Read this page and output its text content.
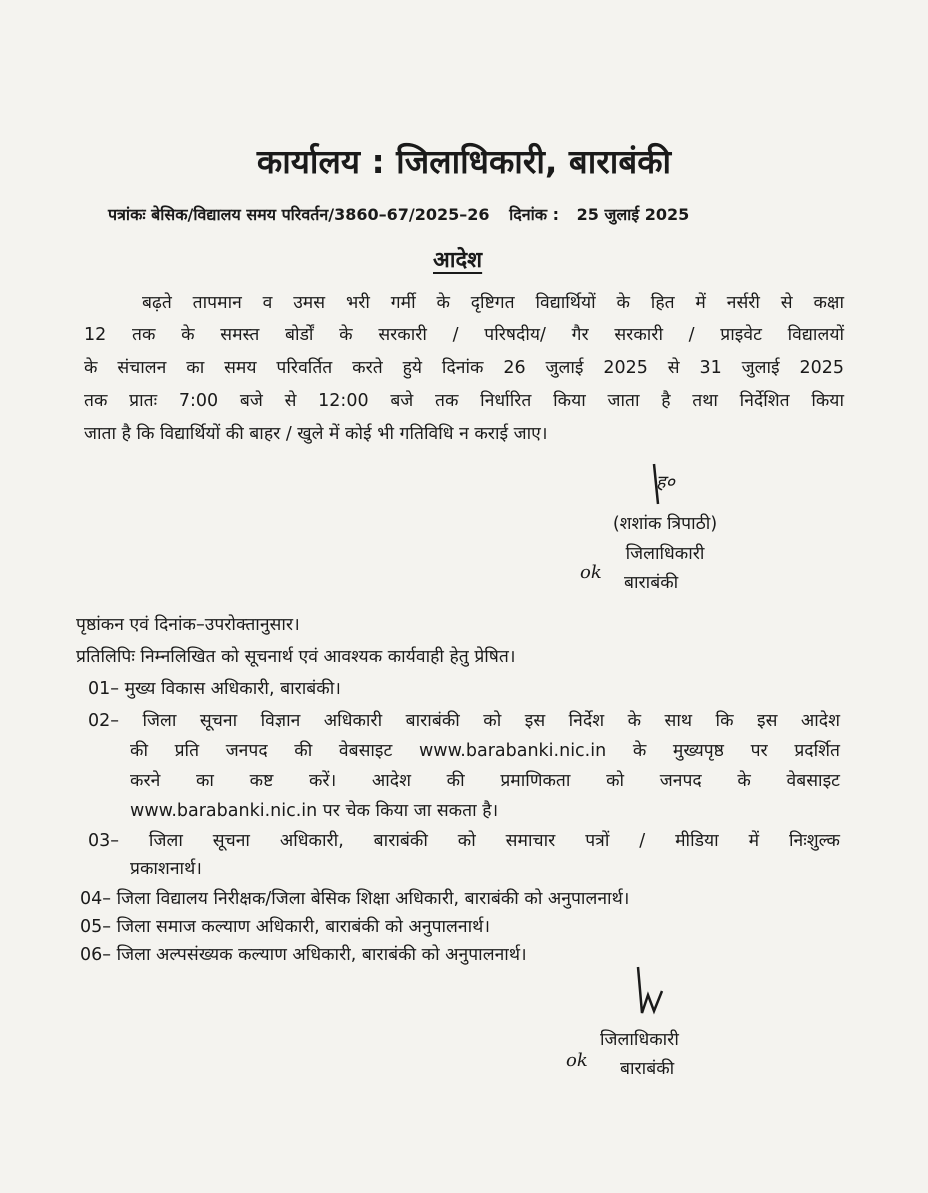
कार्यालय : जिलाधिकारी, बाराबंकी
पत्रांकः बेसिक/विद्यालय समय परिवर्तन/3860–67/2025–26 दिनांक : 25 जुलाई 2025
आदेश
बढ़ते तापमान व उमस भरी गर्मी के दृष्टिगत विद्यार्थियों के हित में नर्सरी से कक्षा
12 तक के समस्त बोर्डों के सरकारी / परिषदीय/ गैर सरकारी / प्राइवेट विद्यालयों
के संचालन का समय परिवर्तित करते हुये दिनांक 26 जुलाई 2025 से 31 जुलाई 2025
तक प्रातः 7:00 बजे से 12:00 बजे तक निर्धारित किया जाता है तथा निर्देशित किया
जाता है कि विद्यार्थियों की बाहर / खुले में कोई भी गतिविधि न कराई जाए।
ह०
(शशांक त्रिपाठी)
जिलाधिकारी
ok बाराबंकी
पृष्ठांकन एवं दिनांक–उपरोक्तानुसार।
प्रतिलिपिः निम्नलिखित को सूचनार्थ एवं आवश्यक कार्यवाही हेतु प्रेषित।
01– मुख्य विकास अधिकारी, बाराबंकी।
02– जिला सूचना विज्ञान अधिकारी बाराबंकी को इस निर्देश के साथ कि इस आदेश
की प्रति जनपद की वेबसाइट www.barabanki.nic.in के मुख्यपृष्ठ पर प्रदर्शित
करने का कष्ट करें। आदेश की प्रमाणिकता को जनपद के वेबसाइट
www.barabanki.nic.in पर चेक किया जा सकता है।
03– जिला सूचना अधिकारी, बाराबंकी को समाचार पत्रों / मीडिया में निःशुल्क
प्रकाशनार्थ।
04– जिला विद्यालय निरीक्षक/जिला बेसिक शिक्षा अधिकारी, बाराबंकी को अनुपालनार्थ।
05– जिला समाज कल्याण अधिकारी, बाराबंकी को अनुपालनार्थ।
06– जिला अल्पसंख्यक कल्याण अधिकारी, बाराबंकी को अनुपालनार्थ।
जिलाधिकारी
ok बाराबंकी
